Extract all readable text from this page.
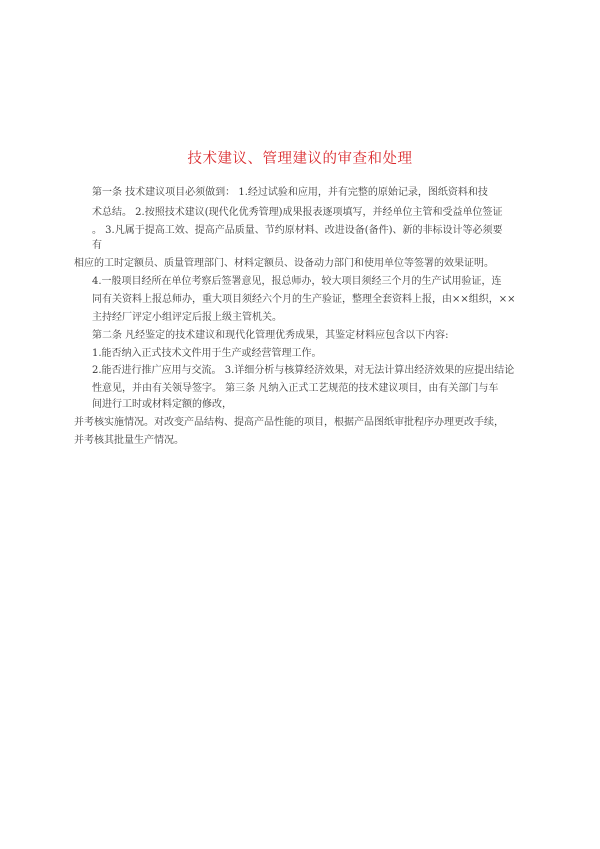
技术建议、管理建议的审查和处理
第一条 技术建议项目必须做到： 1.经过试验和应用，并有完整的原始记录，图纸资料和技
术总结。 2.按照技术建议(现代化优秀管理)成果报表逐项填写，并经单位主管和受益单位签证
。 3.凡属于提高工效、提高产品质量、节约原材料、改进设备(备件)、新的非标设计等必须要
有
相应的工时定额员、质量管理部门、材料定额员、设备动力部门和使用单位等签署的效果证明。
4.一般项目经所在单位考察后签署意见，报总师办，较大项目须经三个月的生产试用验证，连
同有关资料上报总师办，重大项目须经六个月的生产验证，整理全套资料上报，由××组织，××
主持经厂评定小组评定后报上级主管机关。
第二条 凡经鉴定的技术建议和现代化管理优秀成果，其鉴定材料应包含以下内容:
1.能否纳入正式技术文件用于生产或经营管理工作。
2.能否进行推广应用与交流。 3.详细分析与核算经济效果，对无法计算出经济效果的应提出结论
性意见，并由有关领导签字。 第三条 凡纳入正式工艺规范的技术建议项目，由有关部门与车
间进行工时或材料定额的修改，
并考核实施情况。对改变产品结构、提高产品性能的项目，根据产品图纸审批程序办理更改手续，
并考核其批量生产情况。
